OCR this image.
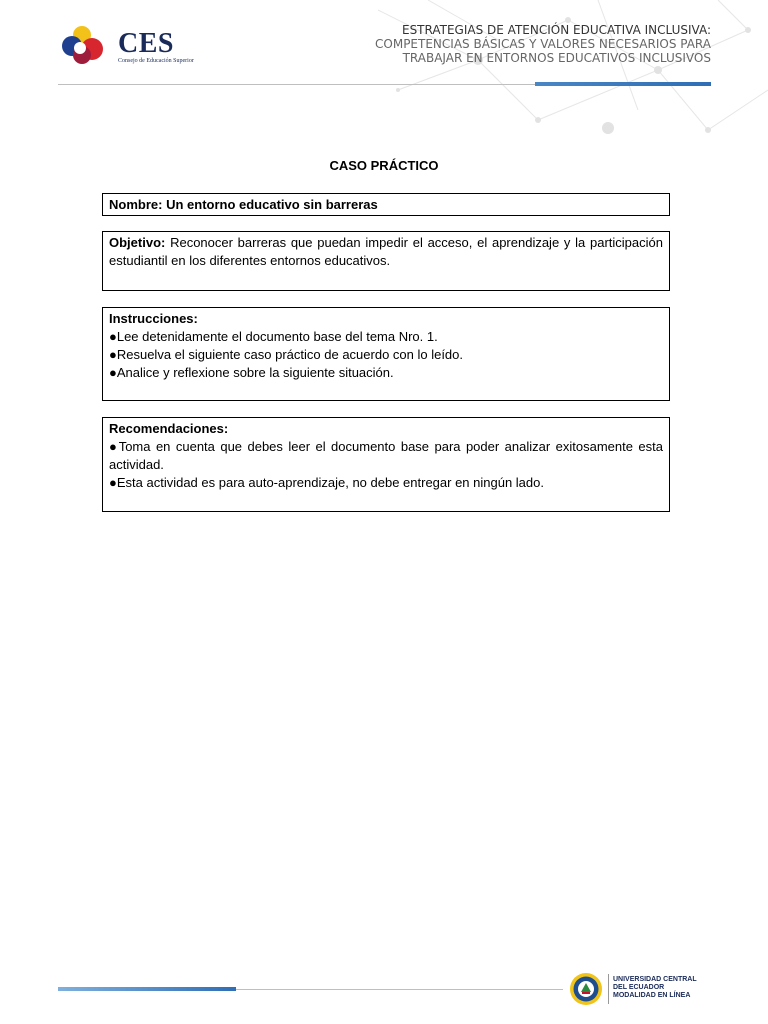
CES
Consejo de Educación Superior
ESTRATEGIAS DE ATENCIÓN EDUCATIVA INCLUSIVA:
COMPETENCIAS BÁSICAS Y VALORES NECESARIOS PARA
TRABAJAR EN ENTORNOS EDUCATIVOS INCLUSIVOS
CASO PRÁCTICO
Nombre: Un entorno educativo sin barreras
Objetivo: Reconocer barreras que puedan impedir el acceso, el aprendizaje y la participación estudiantil en los diferentes entornos educativos.
Instrucciones:
●Lee detenidamente el documento base del tema Nro. 1.
●Resuelva el siguiente caso práctico de acuerdo con lo leído.
●Analice y reflexione sobre la siguiente situación.
Recomendaciones:
●Toma en cuenta que debes leer el documento base para poder analizar exitosamente esta actividad.
●Esta actividad es para auto-aprendizaje, no debe entregar en ningún lado.
UNIVERSIDAD CENTRAL
DEL ECUADOR
MODALIDAD EN LÍNEA
